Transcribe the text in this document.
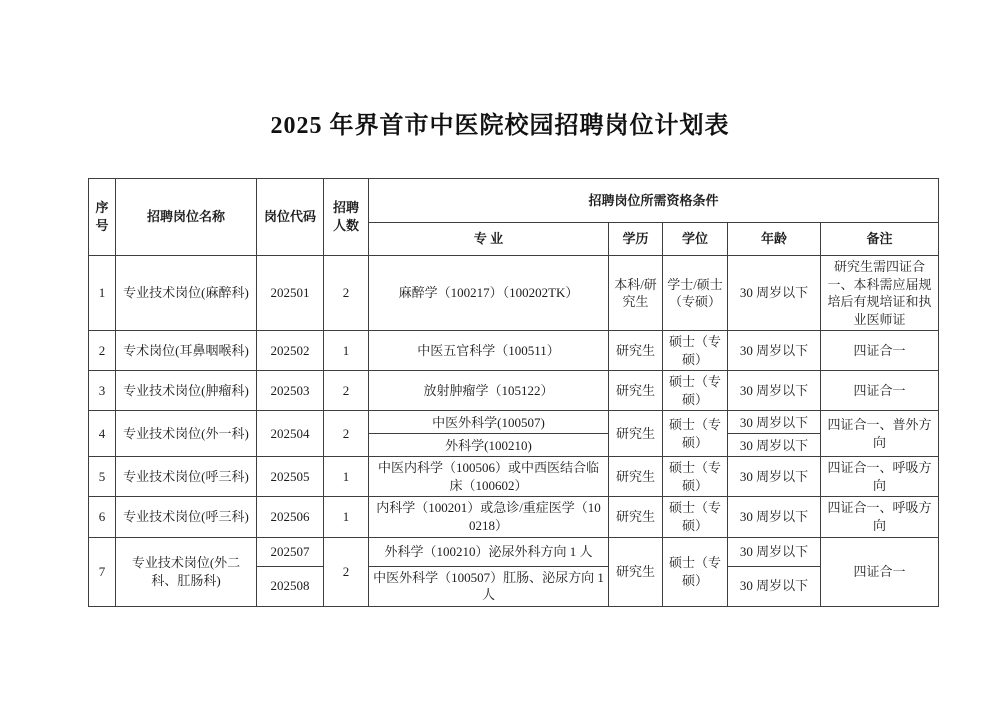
2025 年界首市中医院校园招聘岗位计划表
序号	招聘岗位名称	岗位代码	招聘人数	招聘岗位所需资格条件				
				专 业	学历	学位	年龄	备注
1	专业技术岗位(麻醉科)	202501	2	麻醉学（100217）（100202TK）	本科/研究生	学士/硕士（专硕）	30 周岁以下	研究生需四证合一、本科需应届规培后有规培证和执业医师证
2	专术岗位(耳鼻咽喉科)	202502	1	中医五官科学（100511）	研究生	硕士（专硕）	30 周岁以下	四证合一
3	专业技术岗位(肿瘤科)	202503	2	放射肿瘤学（105122）	研究生	硕士（专硕）	30 周岁以下	四证合一
4	专业技术岗位(外一科)	202504	2	中医外科学(100507)	研究生	硕士（专硕）	30 周岁以下	四证合一、普外方向
				外科学(100210)			30 周岁以下	
5	专业技术岗位(呼三科)	202505	1	中医内科学（100506）或中西医结合临床（100602）	研究生	硕士（专硕）	30 周岁以下	四证合一、呼吸方向
6	专业技术岗位(呼三科)	202506	1	内科学（100201）或急诊/重症医学（100218）	研究生	硕士（专硕）	30 周岁以下	四证合一、呼吸方向
7	专业技术岗位(外二科、肛肠科)	202507	2	外科学（100210）泌尿外科方向 1 人	研究生	硕士（专硕）	30 周岁以下	四证合一
		202508		中医外科学（100507）肛肠、泌尿方向 1 人			30 周岁以下	
